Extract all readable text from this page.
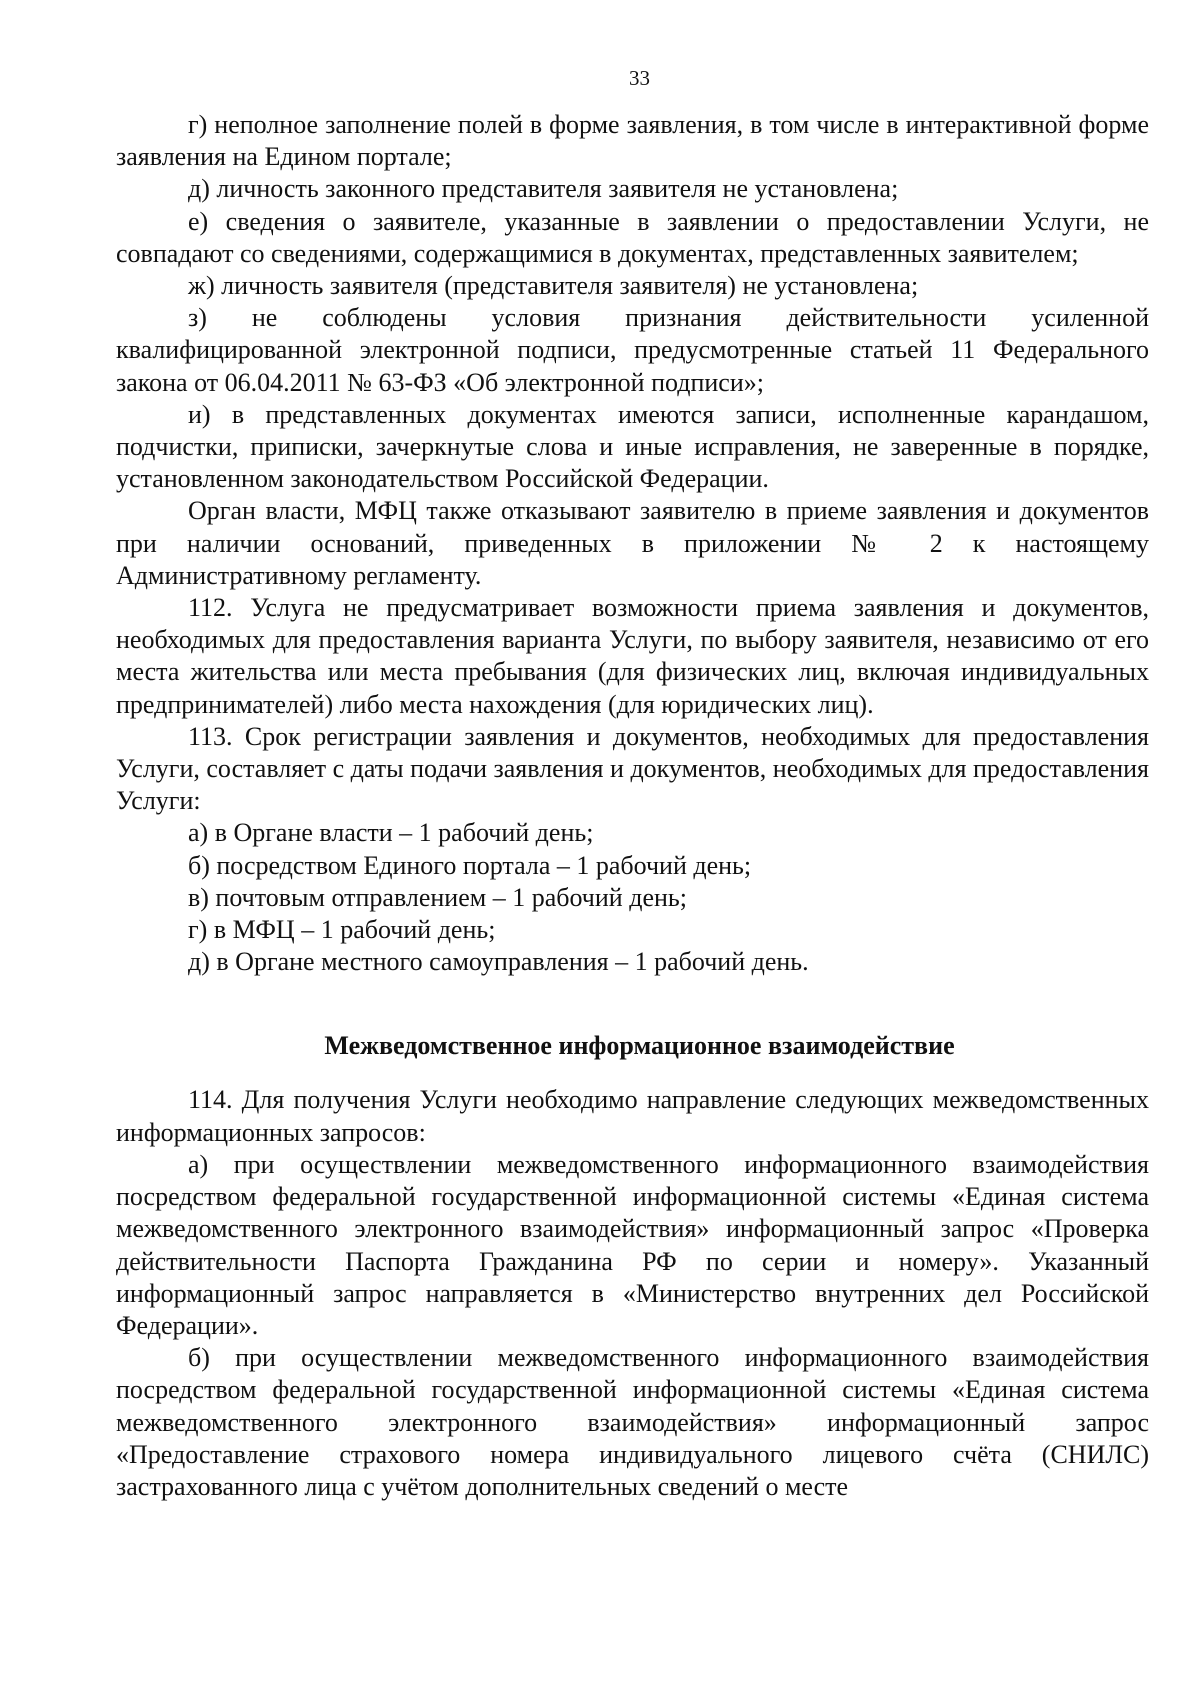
33

г) неполное заполнение полей в форме заявления, в том числе в интерактивной форме заявления на Едином портале;

д) личность законного представителя заявителя не установлена;

е) сведения о заявителе, указанные в заявлении о предоставлении Услуги, не совпадают со сведениями, содержащимися в документах, представленных заявителем;

ж) личность заявителя (представителя заявителя) не установлена;

з) не соблюдены условия признания действительности усиленной квалифицированной электронной подписи, предусмотренные статьей 11 Федерального закона от 06.04.2011 № 63-ФЗ «Об электронной подписи»;

и) в представленных документах имеются записи, исполненные карандашом, подчистки, приписки, зачеркнутые слова и иные исправления, не заверенные в порядке, установленном законодательством Российской Федерации.

Орган власти, МФЦ также отказывают заявителю в приеме заявления и документов при наличии оснований, приведенных в приложении № 2 к настоящему Административному регламенту.

112. Услуга не предусматривает возможности приема заявления и документов, необходимых для предоставления варианта Услуги, по выбору заявителя, независимо от его места жительства или места пребывания (для физических лиц, включая индивидуальных предпринимателей) либо места нахождения (для юридических лиц).

113. Срок регистрации заявления и документов, необходимых для предоставления Услуги, составляет с даты подачи заявления и документов, необходимых для предоставления Услуги:

а) в Органе власти – 1 рабочий день;

б) посредством Единого портала – 1 рабочий день;

в) почтовым отправлением – 1 рабочий день;

г) в МФЦ – 1 рабочий день;

д) в Органе местного самоуправления – 1 рабочий день.

Межведомственное информационное взаимодействие

114. Для получения Услуги необходимо направление следующих межведомственных информационных запросов:

а) при осуществлении межведомственного информационного взаимодействия посредством федеральной государственной информационной системы «Единая система межведомственного электронного взаимодействия» информационный запрос «Проверка действительности Паспорта Гражданина РФ по серии и номеру». Указанный информационный запрос направляется в «Министерство внутренних дел Российской Федерации».

б) при осуществлении межведомственного информационного взаимодействия посредством федеральной государственной информационной системы «Единая система межведомственного электронного взаимодействия» информационный запрос «Предоставление страхового номера индивидуального лицевого счёта (СНИЛС) застрахованного лица с учётом дополнительных сведений о месте
